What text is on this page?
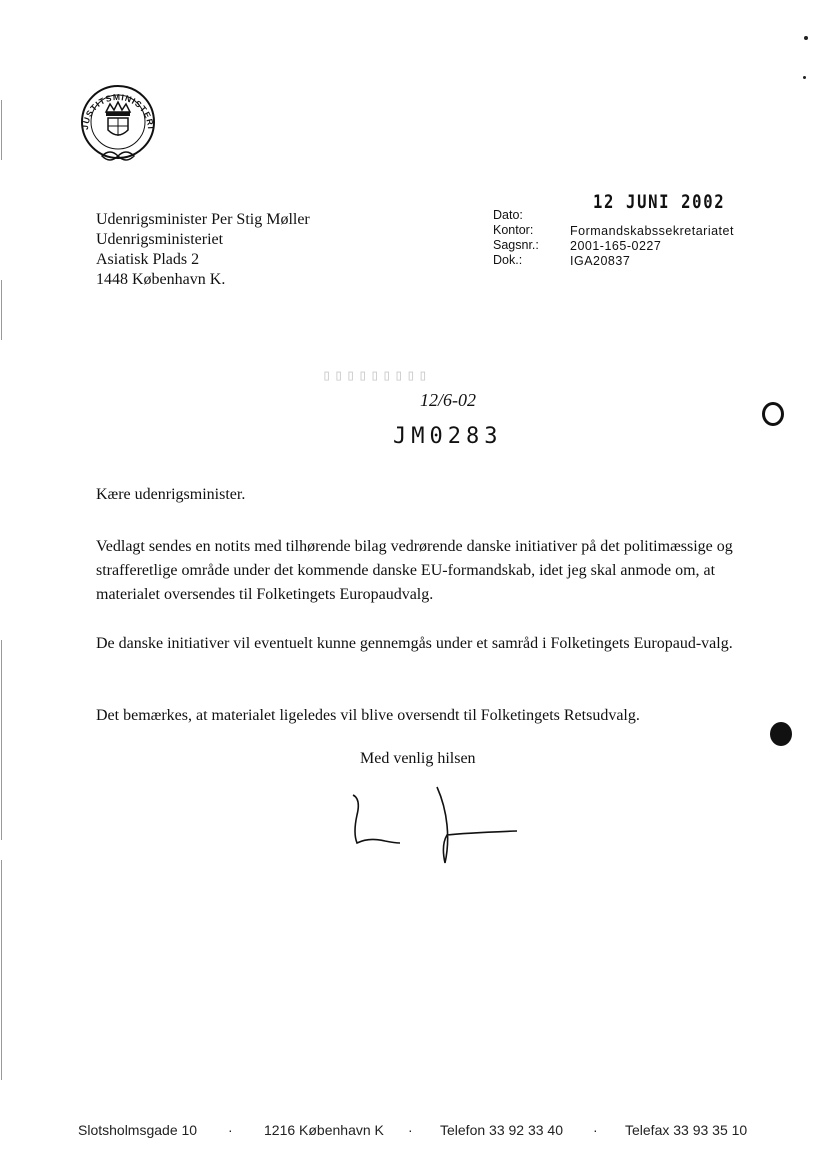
JUSTITSMINISTERI
Udenrigsminister Per Stig Møller
Udenrigsministeriet
Asiatisk Plads 2
1448 København K.
12 JUNI 2002
Dato:
Kontor:
Sagsnr.:
Dok.:
Formandskabssekretariatet
2001-165-0227
IGA20837
▯▯▯▯▯▯▯▯▯
12/6-02
JM0283
Kære udenrigsminister.
Vedlagt sendes en notits med tilhørende bilag vedrørende danske initiativer på det politimæssige og strafferetlige område under det kommende danske EU-formandskab, idet jeg skal anmode om, at materialet oversendes til Folketingets Europaudvalg.
De danske initiativer vil eventuelt kunne gennemgås under et samråd i Folketingets Europaud-valg.
Det bemærkes, at materialet ligeledes vil blive oversendt til Folketingets Retsudvalg.
Med venlig hilsen
Slotsholmsgade 10 · 1216 København K · Telefon 33 92 33 40 · Telefax 33 93 35 10
